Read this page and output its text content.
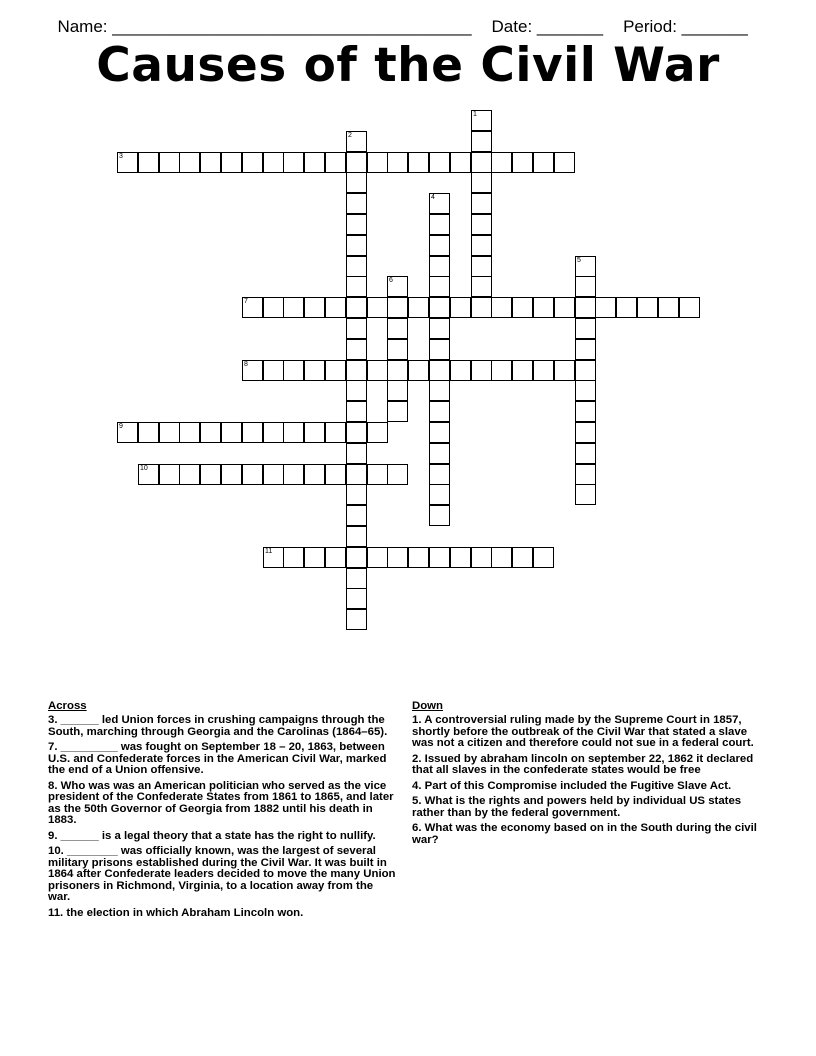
Name: ______________________________________ Date: _______ Period: _______

Causes of the Civil War
1
2
3
4
5
6
7
8
9
10
11
Across
3. ______ led Union forces in crushing campaigns through the South, marching through Georgia and the Carolinas (1864–65).
7. _________ was fought on September 18 – 20, 1863, between U.S. and Confederate forces in the American Civil War, marked the end of a Union offensive.
8. Who was was an American politician who served as the vice president of the Confederate States from 1861 to 1865, and later as the 50th Governor of Georgia from 1882 until his death in 1883.
9. ______ is a legal theory that a state has the right to nullify.
10. ________ was officially known, was the largest of several military prisons established during the Civil War. It was built in 1864 after Confederate leaders decided to move the many Union prisoners in Richmond, Virginia, to a location away from the war.
11. the election in which Abraham Lincoln won.
Down
1. A controversial ruling made by the Supreme Court in 1857, shortly before the outbreak of the Civil War that stated a slave was not a citizen and therefore could not sue in a federal court.
2. Issued by abraham lincoln on september 22, 1862 it declared that all slaves in the confederate states would be free
4. Part of this Compromise included the Fugitive Slave Act.
5. What is the rights and powers held by individual US states rather than by the federal government.
6. What was the economy based on in the South during the civil war?
